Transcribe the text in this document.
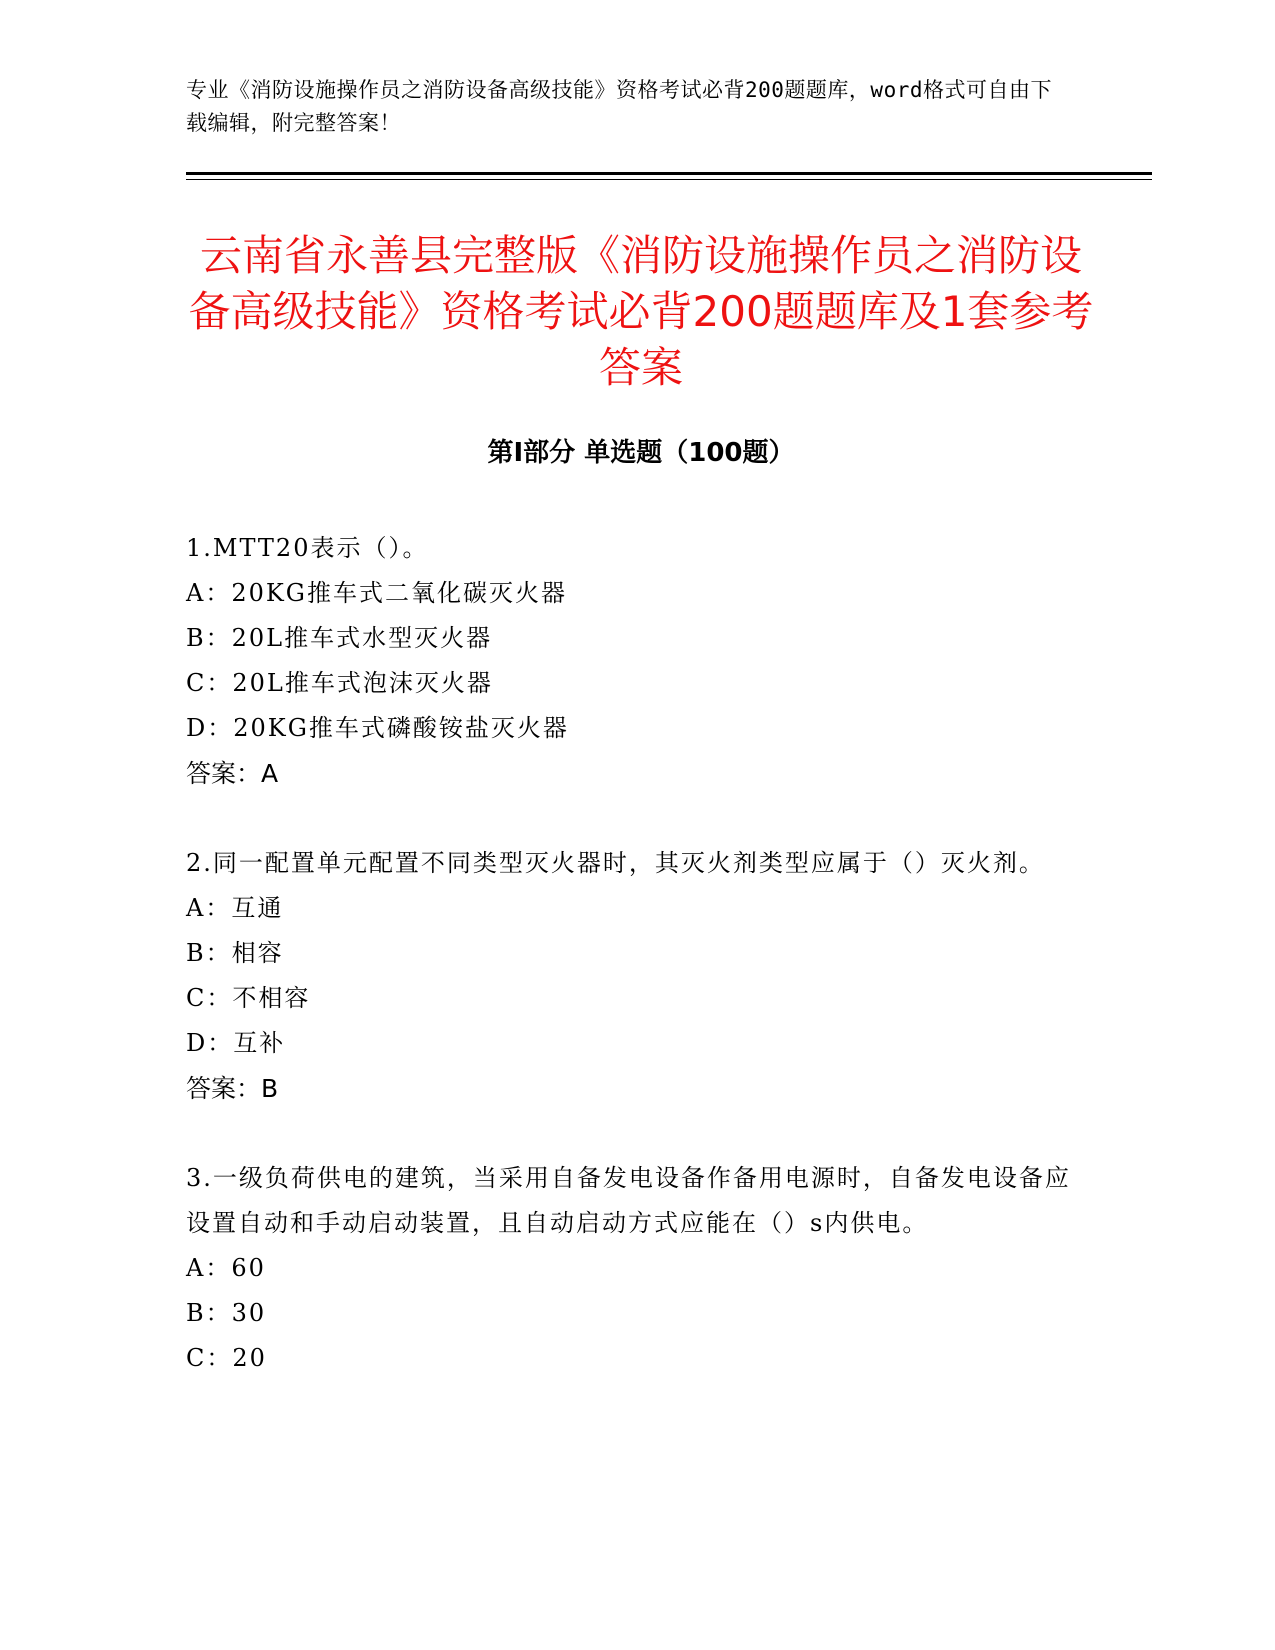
专业《消防设施操作员之消防设备高级技能》资格考试必背200题题库，word格式可自由下载编辑，附完整答案！
云南省永善县完整版《消防设施操作员之消防设备高级技能》资格考试必背200题题库及1套参考答案
第I部分 单选题（100题）
1.MTT20表示（）。
A：20KG推车式二氧化碳灭火器
B：20L推车式水型灭火器
C：20L推车式泡沫灭火器
D：20KG推车式磷酸铵盐灭火器
答案：A
2.同一配置单元配置不同类型灭火器时，其灭火剂类型应属于（）灭火剂。
A：互通
B：相容
C：不相容
D：互补
答案：B
3.一级负荷供电的建筑，当采用自备发电设备作备用电源时，自备发电设备应设置自动和手动启动装置，且自动启动方式应能在（）s内供电。
A：60
B：30
C：20
